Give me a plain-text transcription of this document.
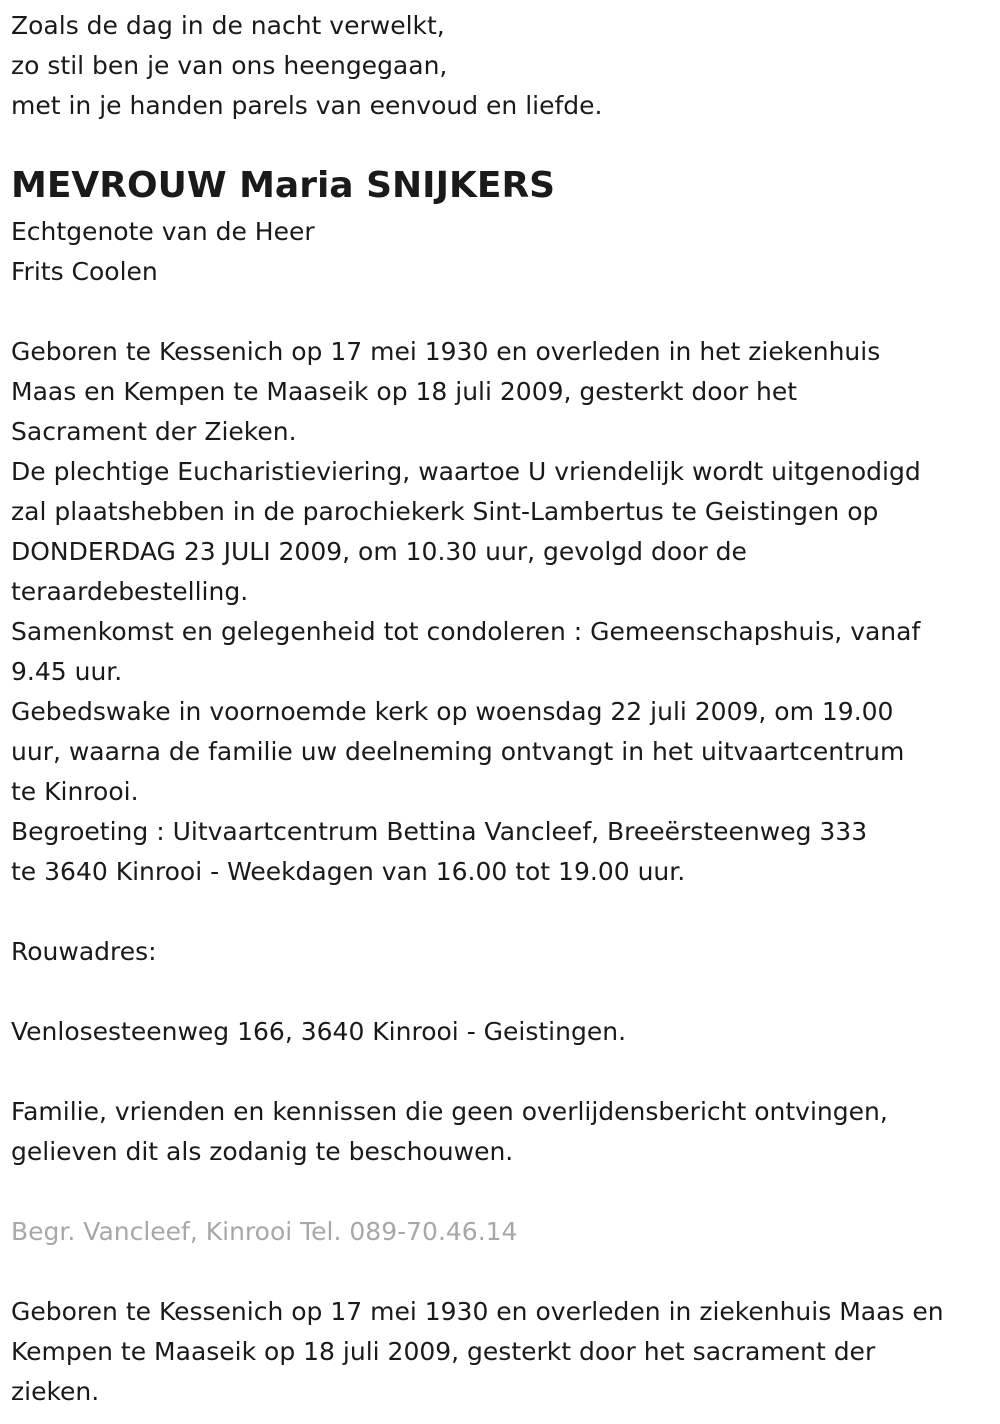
Zoals de dag in de nacht verwelkt,
zo stil ben je van ons heengegaan,
met in je handen parels van eenvoud en liefde.
MEVROUW Maria SNIJKERS
Echtgenote van de Heer
Frits Coolen
Geboren te Kessenich op 17 mei 1930 en overleden in het ziekenhuis
Maas en Kempen te Maaseik op 18 juli 2009, gesterkt door het
Sacrament der Zieken.
De plechtige Eucharistieviering, waartoe U vriendelijk wordt uitgenodigd
zal plaatshebben in de parochiekerk Sint-Lambertus te Geistingen op
DONDERDAG 23 JULI 2009, om 10.30 uur, gevolgd door de
teraardebestelling.
Samenkomst en gelegenheid tot condoleren : Gemeenschapshuis, vanaf
9.45 uur.
Gebedswake in voornoemde kerk op woensdag 22 juli 2009, om 19.00
uur, waarna de familie uw deelneming ontvangt in het uitvaartcentrum
te Kinrooi.
Begroeting : Uitvaartcentrum Bettina Vancleef, Breeërsteenweg 333
te 3640 Kinrooi - Weekdagen van 16.00 tot 19.00 uur.
Rouwadres:
Venlosesteenweg 166, 3640 Kinrooi - Geistingen.
Familie, vrienden en kennissen die geen overlijdensbericht ontvingen,
gelieven dit als zodanig te beschouwen.
Begr. Vancleef, Kinrooi Tel. 089-70.46.14
Geboren te Kessenich op 17 mei 1930 en overleden in ziekenhuis Maas en
Kempen te Maaseik op 18 juli 2009, gesterkt door het sacrament der
zieken.
